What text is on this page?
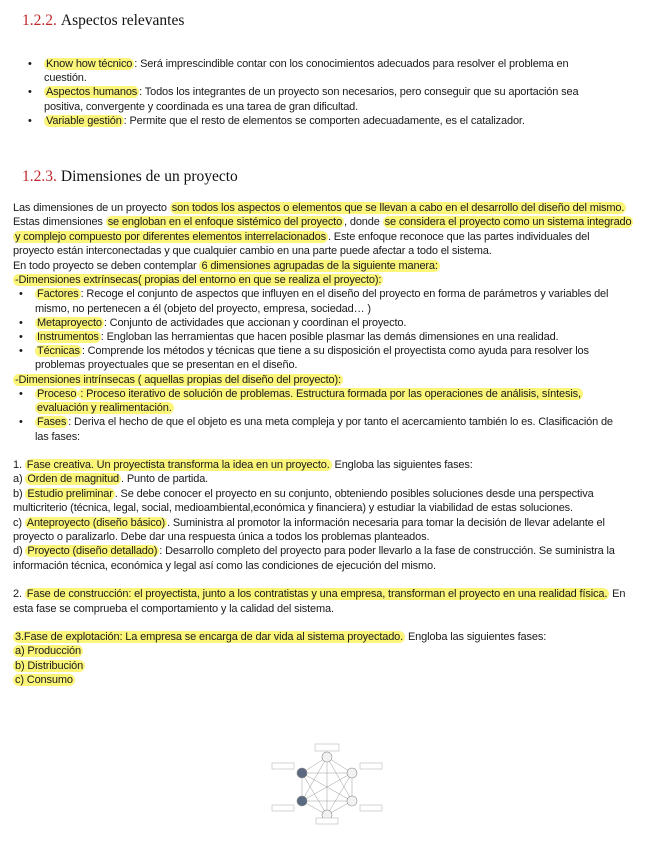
1.2.2. Aspectos relevantes
• Know how técnico : Será imprescindible contar con los conocimientos adecuados para resolver el problema en cuestión.
• Aspectos humanos : Todos los integrantes de un proyecto son necesarios, pero conseguir que su aportación sea positiva, convergente y coordinada es una tarea de gran dificultad.
• Variable gestión : Permite que el resto de elementos se comporten adecuadamente, es el catalizador.
1.2.3. Dimensiones de un proyecto

Las dimensiones de un proyecto son todos los aspectos o elementos que se llevan a cabo en el desarrollo del diseño del mismo.

Estas dimensiones se engloban en el enfoque sistémico del proyecto , donde se considera el proyecto como un sistema integrado y complejo compuesto por diferentes elementos interrelacionados . Este enfoque reconoce que las partes individuales del proyecto están interconectadas y que cualquier cambio en una parte puede afectar a todo el sistema.

En todo proyecto se deben contemplar 6 dimensiones agrupadas de la siguiente manera:

-Dimensiones extrínsecas( propias del entorno en que se realiza el proyecto):

• Factores : Recoge el conjunto de aspectos que influyen en el diseño del proyecto en forma de parámetros y variables del mismo, no pertenecen a él (objeto del proyecto, empresa, sociedad… )
• Metaproyecto : Conjunto de actividades que accionan y coordinan el proyecto.
• Instrumentos : Engloban las herramientas que hacen posible plasmar las demás dimensiones en una realidad.
• Técnicas : Comprende los métodos y técnicas que tiene a su disposición el proyectista como ayuda para resolver los problemas proyectuales que se presentan en el diseño.

-Dimensiones intrínsecas ( aquellas propias del diseño del proyecto):

• Proceso : Proceso iterativo de solución de problemas. Estructura formada por las operaciones de análisis, síntesis, evaluación y realimentación.
• Fases : Deriva el hecho de que el objeto es una meta compleja y por tanto el acercamiento también lo es. Clasificación de las fases:

1. Fase creativa. Un proyectista transforma la idea en un proyecto. Engloba las siguientes fases:

a) Orden de magnitud . Punto de partida.

b) Estudio preliminar . Se debe conocer el proyecto en su conjunto, obteniendo posibles soluciones desde una perspectiva multicriterio (técnica, legal, social, medioambiental,económica y financiera) y estudiar la viabilidad de estas soluciones.

c) Anteproyecto (diseño básico) . Suministra al promotor la información necesaria para tomar la decisión de llevar adelante el proyecto o paralizarlo. Debe dar una respuesta única a todos los problemas planteados.

d) Proyecto (diseño detallado) : Desarrollo completo del proyecto para poder llevarlo a la fase de construcción. Se suministra la información técnica, económica y legal así como las condiciones de ejecución del mismo.

2. Fase de construcción: el proyectista, junto a los contratistas y una empresa, transforman el proyecto en una realidad física. En esta fase se comprueba el comportamiento y la calidad del sistema.

3.Fase de explotación: La empresa se encarga de dar vida al sistema proyectado. Engloba las siguientes fases:

a) Producción

b) Distribución

c) Consumo
